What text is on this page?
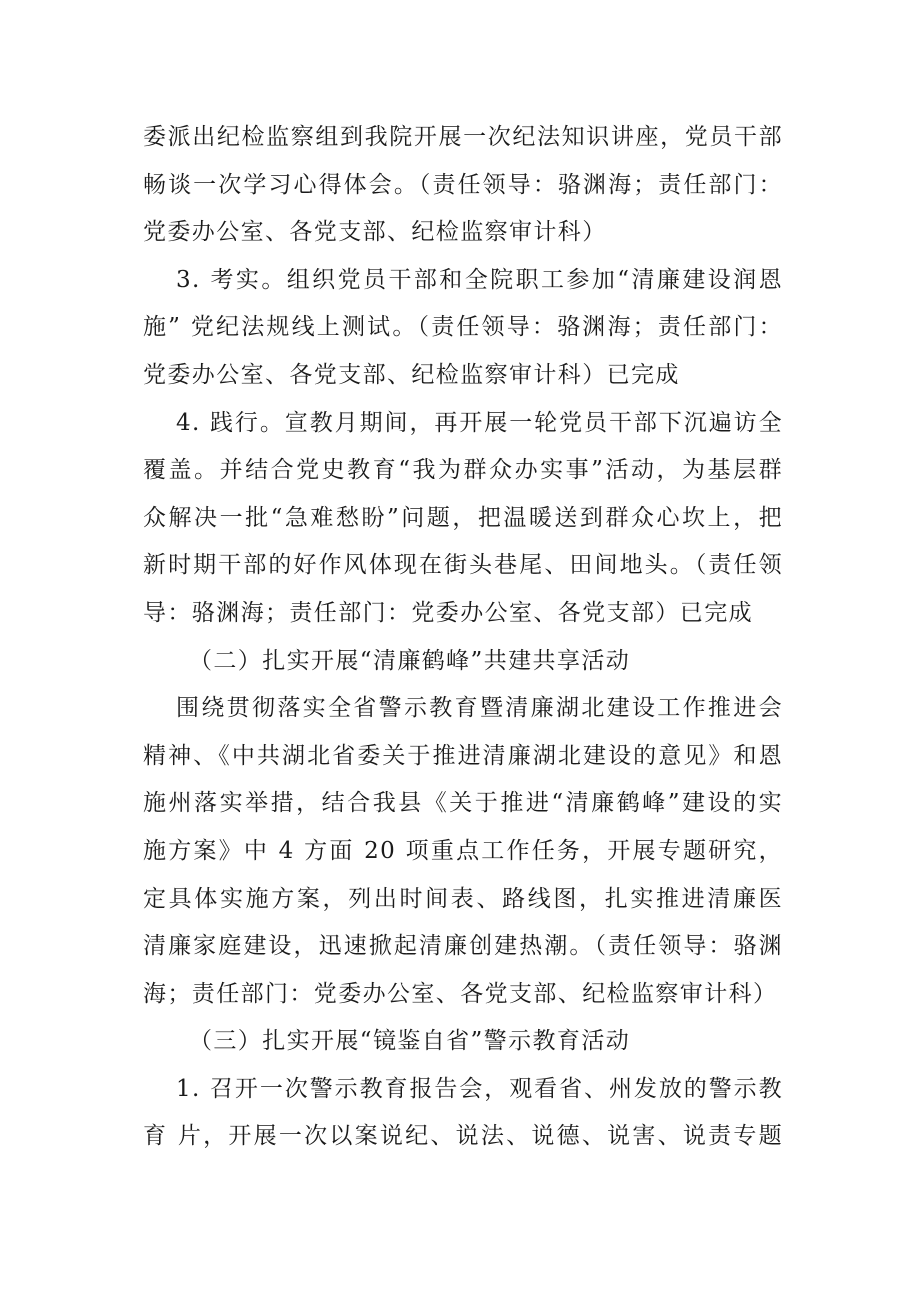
委派出纪检监察组到我院开展一次纪法知识讲座，党员干部
畅谈一次学习心得体会。（责任领导：骆渊海；责任部门：
党委办公室、各党支部、纪检监察审计科）
3. 考实。组织党员干部和全院职工参加“清廉建设润恩
施” 党纪法规线上测试。（责任领导：骆渊海；责任部门：
党委办公室、各党支部、纪检监察审计科）已完成
4. 践行。宣教月期间，再开展一轮党员干部下沉遍访全
覆盖。并结合党史教育“我为群众办实事”活动，为基层群
众解决一批“急难愁盼”问题，把温暖送到群众心坎上，把
新时期干部的好作风体现在街头巷尾、田间地头。（责任领
导：骆渊海；责任部门：党委办公室、各党支部）已完成
（二）扎实开展“清廉鹤峰”共建共享活动
围绕贯彻落实全省警示教育暨清廉湖北建设工作推进会
精神、《中共湖北省委关于推进清廉湖北建设的意见》和恩
施州落实举措，结合我县《关于推进“清廉鹤峰”建设的实
施方案》中 4 方面 20 项重点工作任务，开展专题研究，
定具体实施方案，列出时间表、路线图，扎实推进清廉医
清廉家庭建设，迅速掀起清廉创建热潮。（责任领导：骆渊
海；责任部门：党委办公室、各党支部、纪检监察审计科）
（三）扎实开展“镜鉴自省”警示教育活动
1. 召开一次警示教育报告会，观看省、州发放的警示教
育 片，开展一次以案说纪、说法、说德、说害、说责专题
